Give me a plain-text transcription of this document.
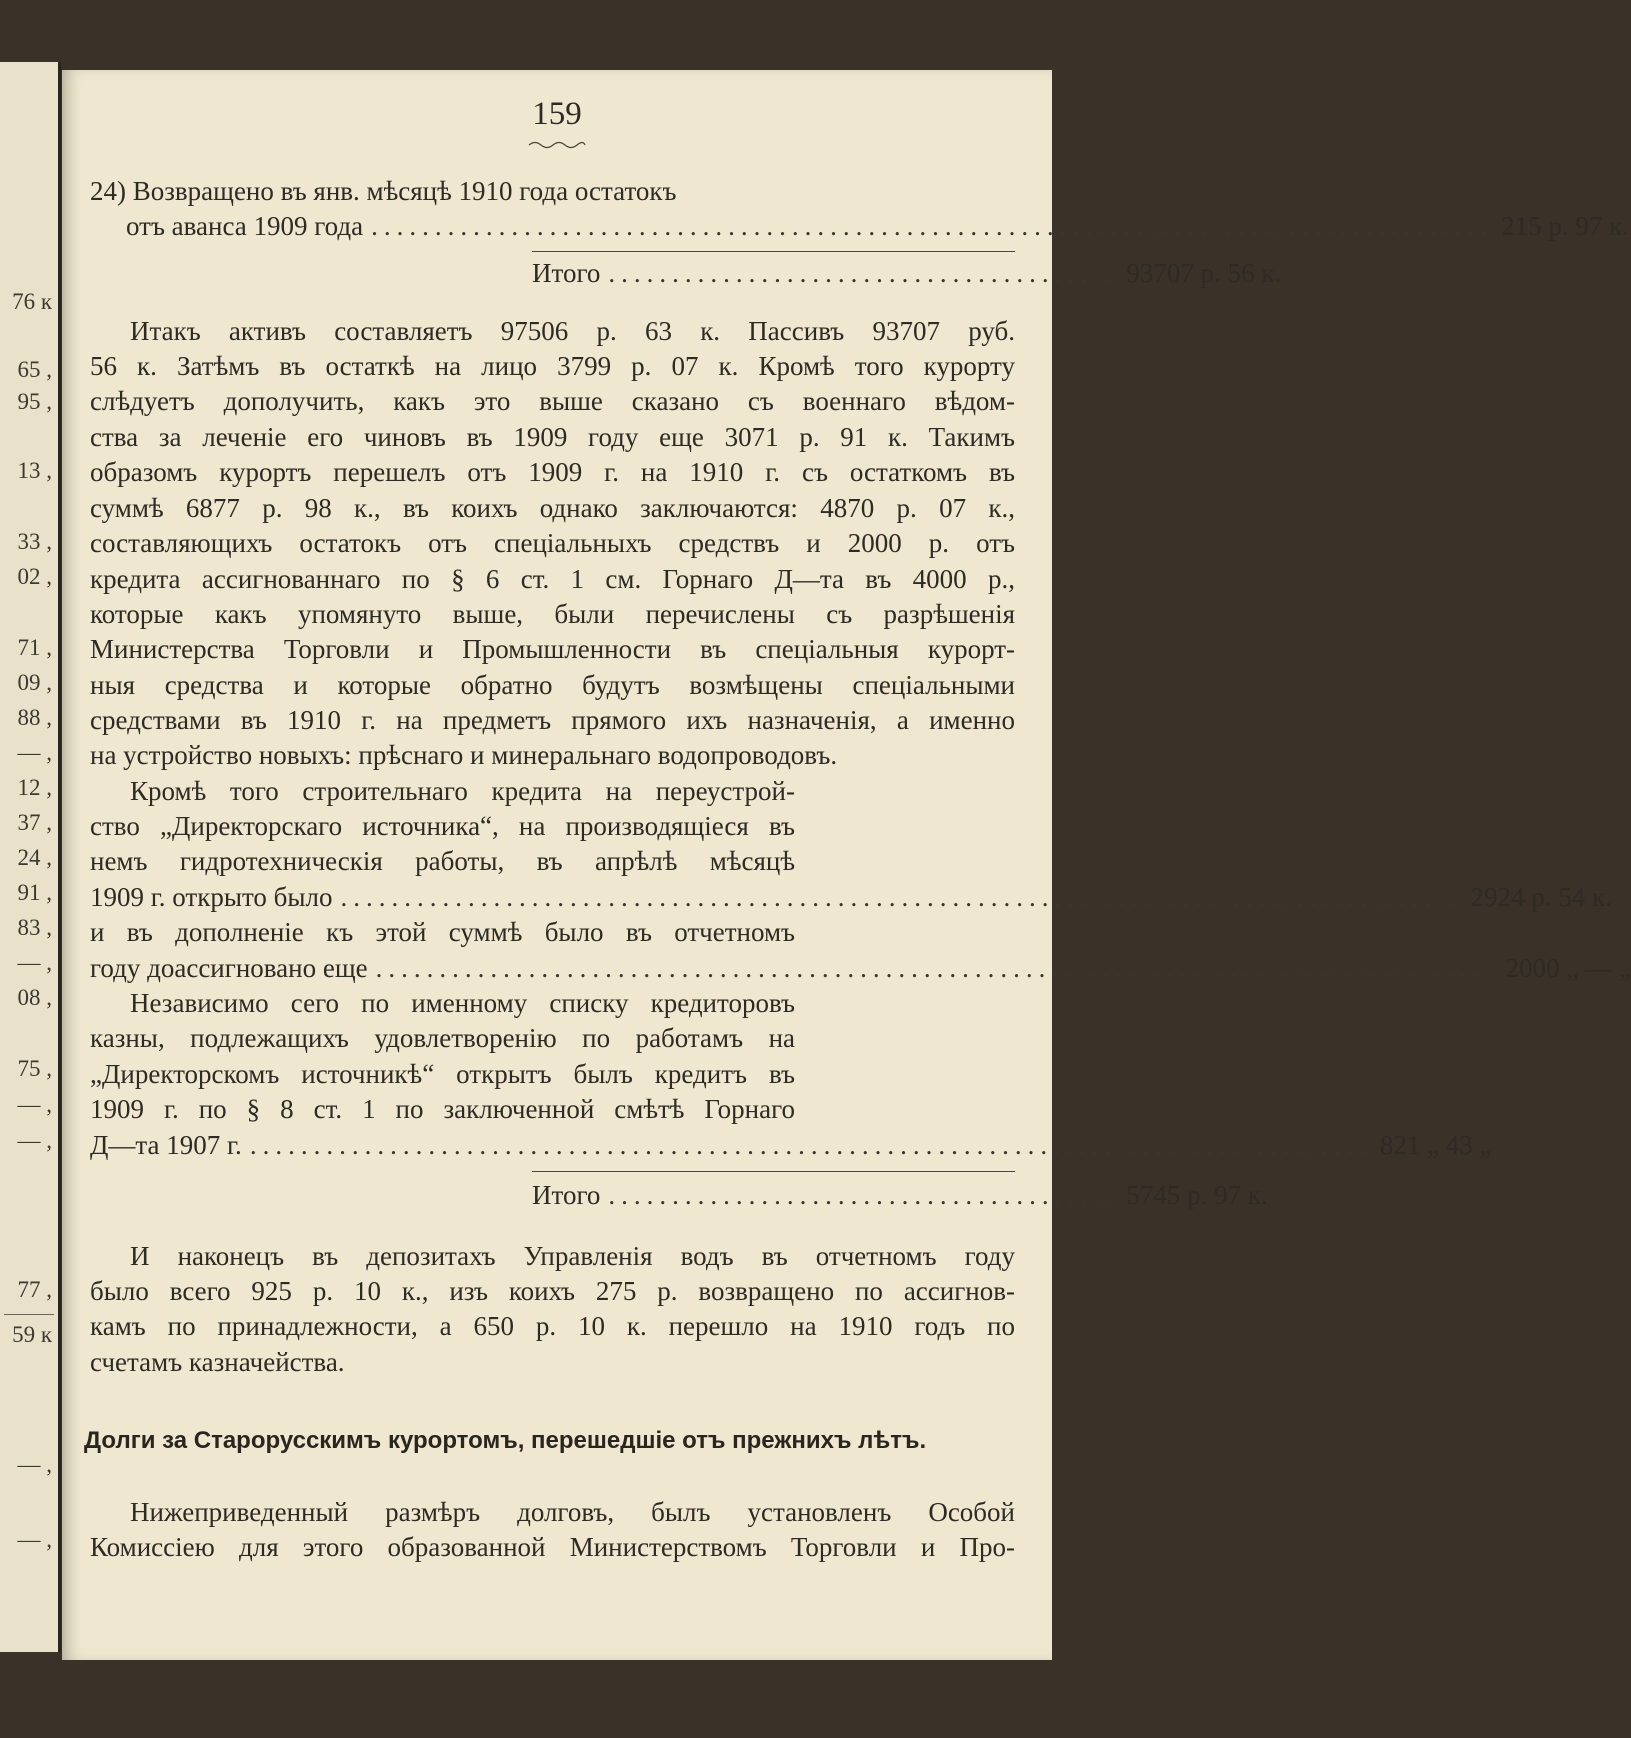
76 к
65 ,
95 ,
13 ,
33 ,
02 ,
71 ,
09 ,
88 ,
— ,
12 ,
37 ,
24 ,
91 ,
83 ,
— ,
08 ,
75 ,
— ,
— ,
77 ,
59 к
— ,
— ,
159
24) Возвращено въ янв. мѣсяцѣ 1910 года остатокъ
отъ аванса 1909 года ........................................................................................ 215 р. 97 к.
Итого ........................................ 93707 р. 56 к.
Итакъ активъ составляетъ 97506 р. 63 к. Пассивъ 93707 руб.
56 к. Затѣмъ въ остаткѣ на лицо 3799 р. 07 к. Кромѣ того курорту
слѣдуетъ дополучить, какъ это выше сказано съ военнаго вѣдом-
ства за леченіе его чиновъ въ 1909 году еще 3071 р. 91 к. Такимъ
образомъ курортъ перешелъ отъ 1909 г. на 1910 г. съ остаткомъ въ
суммѣ 6877 р. 98 к., въ коихъ однако заключаются: 4870 р. 07 к.,
составляющихъ остатокъ отъ спеціальныхъ средствъ и 2000 р. отъ
кредита ассигнованнаго по § 6 ст. 1 см. Горнаго Д—та въ 4000 р.,
которые какъ упомянуто выше, были перечислены съ разрѣшенія
Министерства Торговли и Промышленности въ спеціальныя курорт-
ныя средства и которые обратно будутъ возмѣщены спеціальными
средствами въ 1910 г. на предметъ прямого ихъ назначенія, а именно
на устройство новыхъ: прѣснаго и минеральнаго водопроводовъ.
Кромѣ того строительнаго кредита на переустрой-
ство „Директорскаго источника“, на производящіеся въ
немъ гидротехническія работы, въ апрѣлѣ мѣсяцѣ
1909 г. открыто было ........................................................................................ 2924 р. 54 к.
и въ дополненіе къ этой суммѣ было въ отчетномъ
году доассигновано еще ........................................................................................ 2000 „ — „
Независимо сего по именному списку кредиторовъ
казны, подлежащихъ удовлетворенію по работамъ на
„Директорскомъ источникѣ“ открытъ былъ кредитъ въ
1909 г. по § 8 ст. 1 по заключенной смѣтѣ Горнаго
Д—та 1907 г. ........................................................................................ 821 „ 43 „
Итого ........................................ 5745 р. 97 к.
И наконецъ въ депозитахъ Управленія водъ въ отчетномъ году
было всего 925 р. 10 к., изъ коихъ 275 р. возвращено по ассигнов-
камъ по принадлежности, а 650 р. 10 к. перешло на 1910 годъ по
счетамъ казначейства.
Долги за Старорусскимъ курортомъ, перешедшіе отъ прежнихъ лѣтъ.
Нижеприведенный размѣръ долговъ, былъ установленъ Особой
Комиссіею для этого образованной Министерствомъ Торговли и Про-
